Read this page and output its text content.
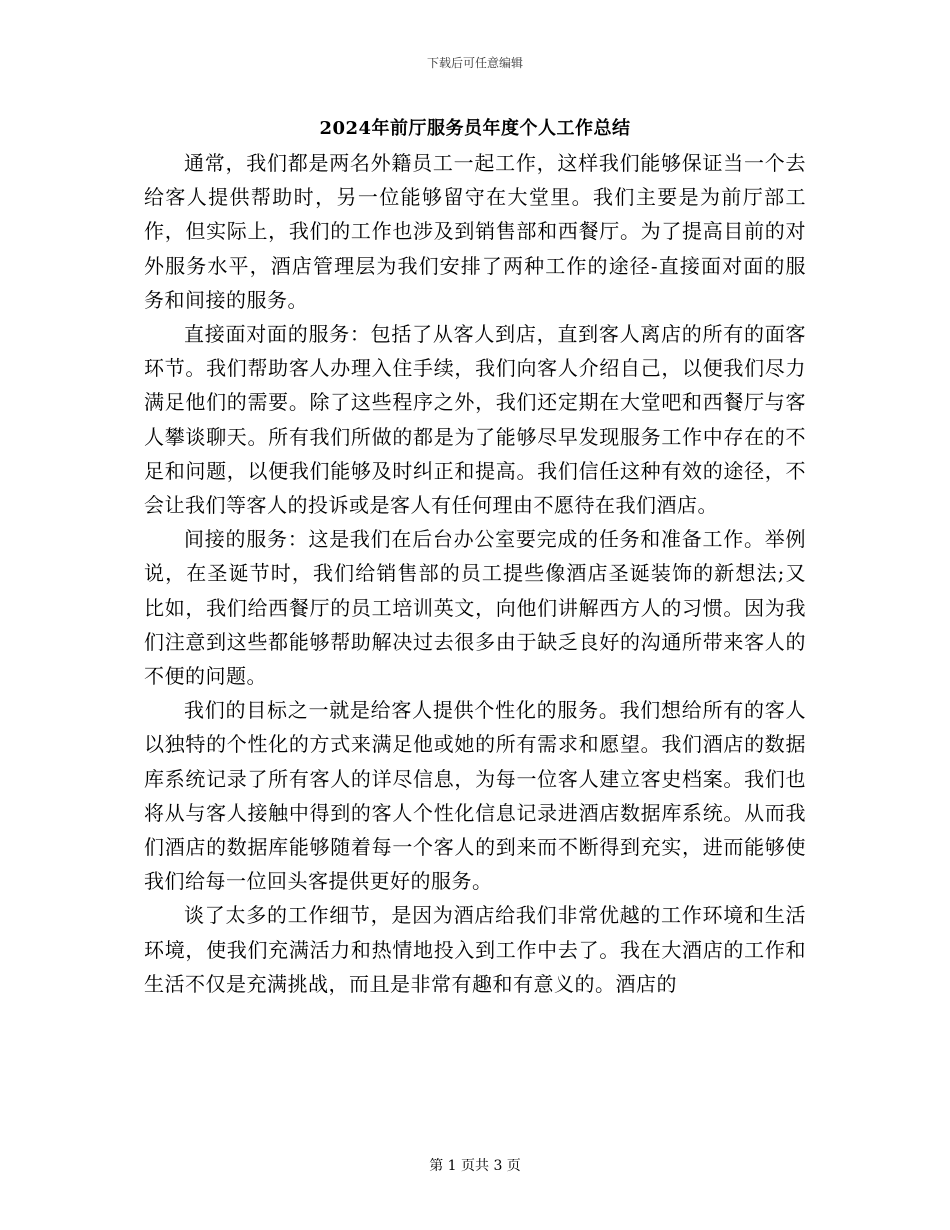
下载后可任意编辑
2024年前厅服务员年度个人工作总结

通常，我们都是两名外籍员工一起工作，这样我们能够保证当一个去给客人提供帮助时，另一位能够留守在大堂里。我们主要是为前厅部工作，但实际上，我们的工作也涉及到销售部和西餐厅。为了提高目前的对外服务水平，酒店管理层为我们安排了两种工作的途径-直接面对面的服务和间接的服务。

直接面对面的服务：包括了从客人到店，直到客人离店的所有的面客环节。我们帮助客人办理入住手续，我们向客人介绍自己，以便我们尽力满足他们的需要。除了这些程序之外，我们还定期在大堂吧和西餐厅与客人攀谈聊天。所有我们所做的都是为了能够尽早发现服务工作中存在的不足和问题，以便我们能够及时纠正和提高。我们信任这种有效的途径，不会让我们等客人的投诉或是客人有任何理由不愿待在我们酒店。

间接的服务：这是我们在后台办公室要完成的任务和准备工作。举例说，在圣诞节时，我们给销售部的员工提些像酒店圣诞装饰的新想法;又比如，我们给西餐厅的员工培训英文，向他们讲解西方人的习惯。因为我们注意到这些都能够帮助解决过去很多由于缺乏良好的沟通所带来客人的不便的问题。

我们的目标之一就是给客人提供个性化的服务。我们想给所有的客人以独特的个性化的方式来满足他或她的所有需求和愿望。我们酒店的数据库系统记录了所有客人的详尽信息，为每一位客人建立客史档案。我们也将从与客人接触中得到的客人个性化信息记录进酒店数据库系统。从而我们酒店的数据库能够随着每一个客人的到来而不断得到充实，进而能够使我们给每一位回头客提供更好的服务。

谈了太多的工作细节，是因为酒店给我们非常优越的工作环境和生活环境，使我们充满活力和热情地投入到工作中去了。我在大酒店的工作和生活不仅是充满挑战，而且是非常有趣和有意义的。酒店的

第 1 页共 3 页
